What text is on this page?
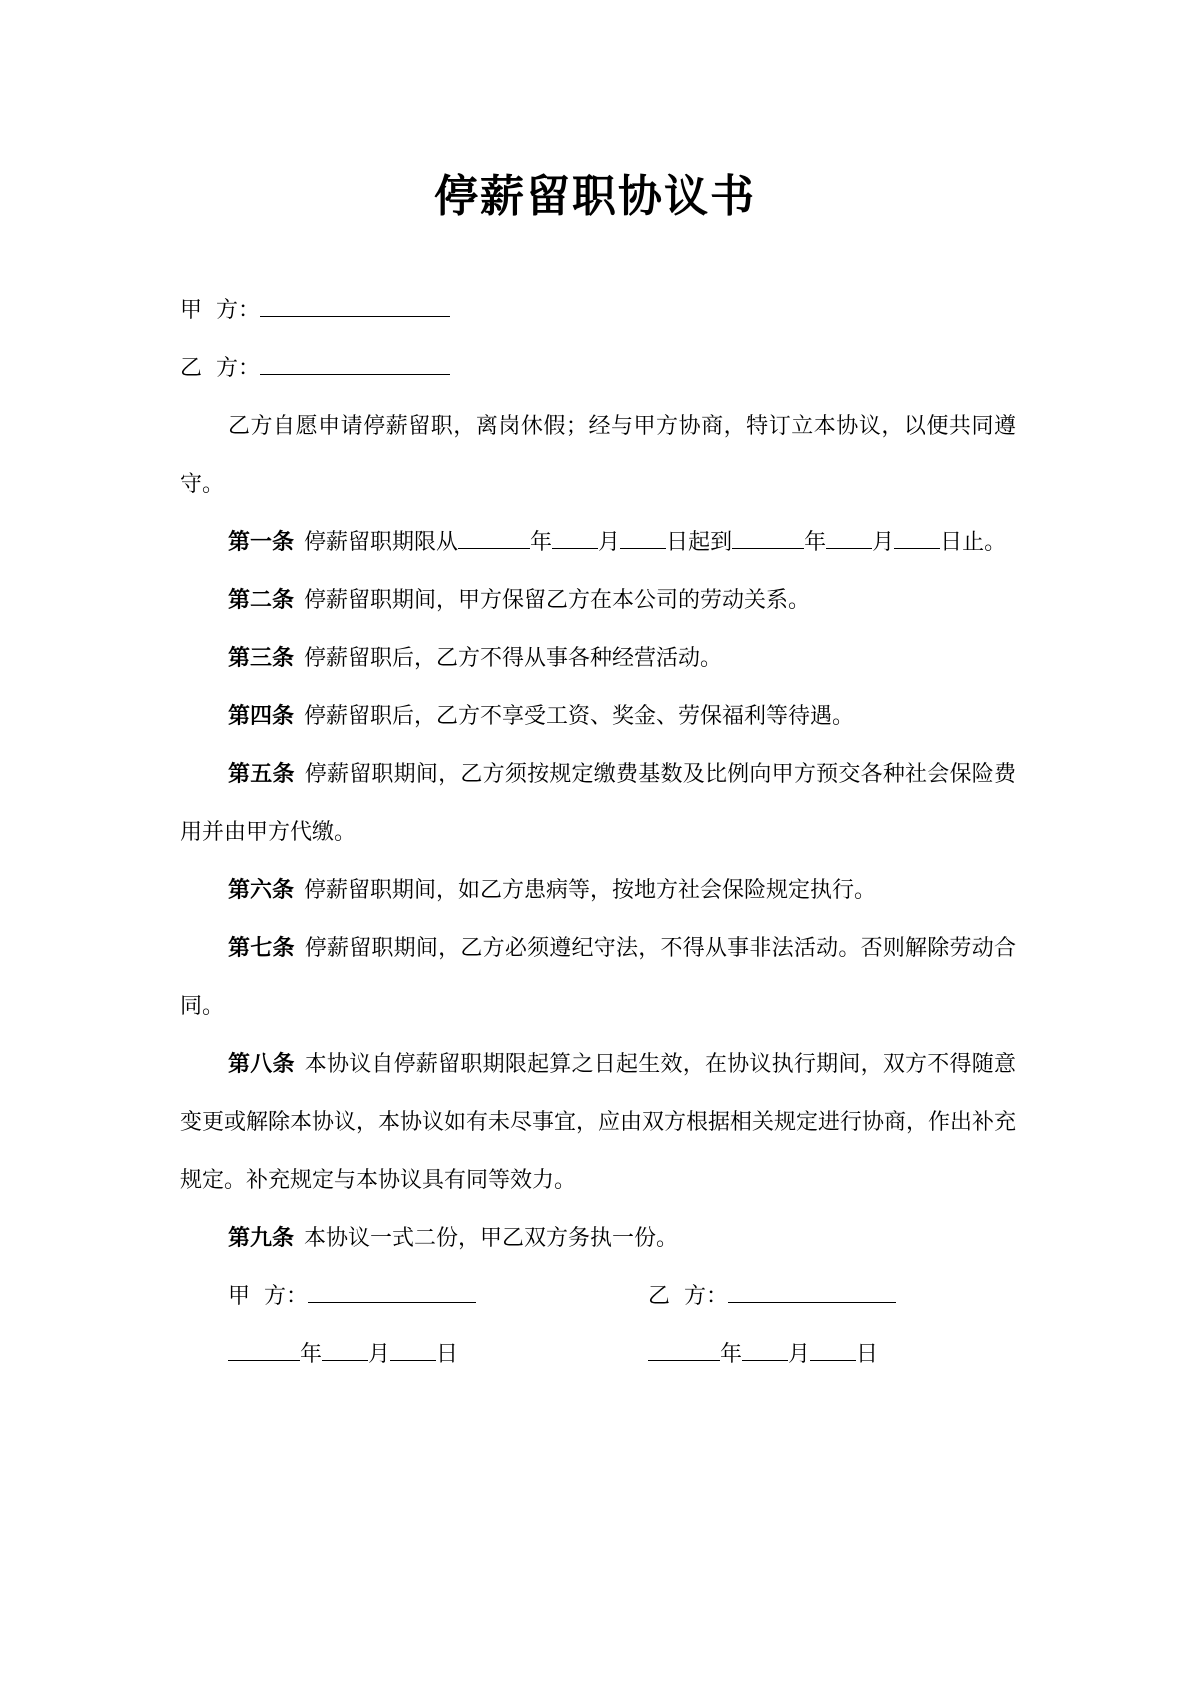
停薪留职协议书
甲  方：
乙  方：
乙方自愿申请停薪留职，离岗休假；经与甲方协商，特订立本协议，以便共同遵守。
第一条 停薪留职期限从	年 月 日起到	年 月 日止。
第二条 停薪留职期间，甲方保留乙方在本公司的劳动关系。
第三条 停薪留职后，乙方不得从事各种经营活动。
第四条 停薪留职后，乙方不享受工资、奖金、劳保福利等待遇。
第五条 停薪留职期间，乙方须按规定缴费基数及比例向甲方预交各种社会保险费用并由甲方代缴。
第六条 停薪留职期间，如乙方患病等，按地方社会保险规定执行。
第七条 停薪留职期间，乙方必须遵纪守法，不得从事非法活动。否则解除劳动合同。
第八条 本协议自停薪留职期限起算之日起生效，在协议执行期间，双方不得随意变更或解除本协议，本协议如有未尽事宜，应由双方根据相关规定进行协商，作出补充规定。补充规定与本协议具有同等效力。
第九条 本协议一式二份，甲乙双方务执一份。
甲  方：	乙  方：
年 月 日	年 月 日
